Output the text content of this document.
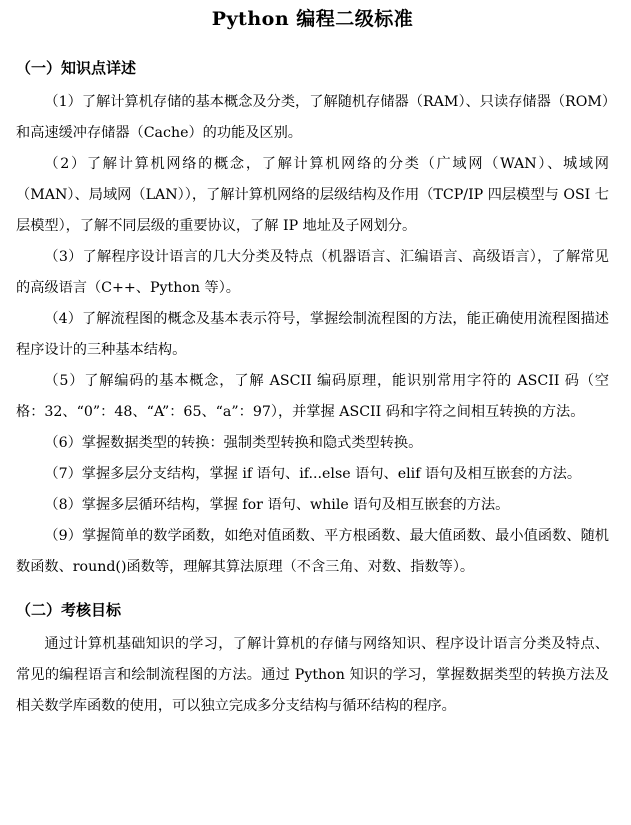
Python 编程二级标准
（一）知识点详述

（1）了解计算机存储的基本概念及分类，了解随机存储器（RAM）、只读存储器（ROM）和高速缓冲存储器（Cache）的功能及区别。

（2）了解计算机网络的概念，了解计算机网络的分类（广域网（WAN）、城域网（MAN）、局域网（LAN）），了解计算机网络的层级结构及作用（TCP/IP 四层模型与 OSI 七层模型），了解不同层级的重要协议，了解 IP 地址及子网划分。

（3）了解程序设计语言的几大分类及特点（机器语言、汇编语言、高级语言），了解常见的高级语言（C++、Python 等）。

（4）了解流程图的概念及基本表示符号，掌握绘制流程图的方法，能正确使用流程图描述程序设计的三种基本结构。

（5）了解编码的基本概念，了解 ASCII 编码原理，能识别常用字符的 ASCII 码（空格：32、“0”：48、“A”：65、“a”：97），并掌握 ASCII 码和字符之间相互转换的方法。

（6）掌握数据类型的转换：强制类型转换和隐式类型转换。

（7）掌握多层分支结构，掌握 if 语句、if...else 语句、elif 语句及相互嵌套的方法。

（8）掌握多层循环结构，掌握 for 语句、while 语句及相互嵌套的方法。

（9）掌握简单的数学函数，如绝对值函数、平方根函数、最大值函数、最小值函数、随机数函数、round()函数等，理解其算法原理（不含三角、对数、指数等）。

（二）考核目标

通过计算机基础知识的学习，了解计算机的存储与网络知识、程序设计语言分类及特点、常见的编程语言和绘制流程图的方法。通过 Python 知识的学习，掌握数据类型的转换方法及相关数学库函数的使用，可以独立完成多分支结构与循环结构的程序。
